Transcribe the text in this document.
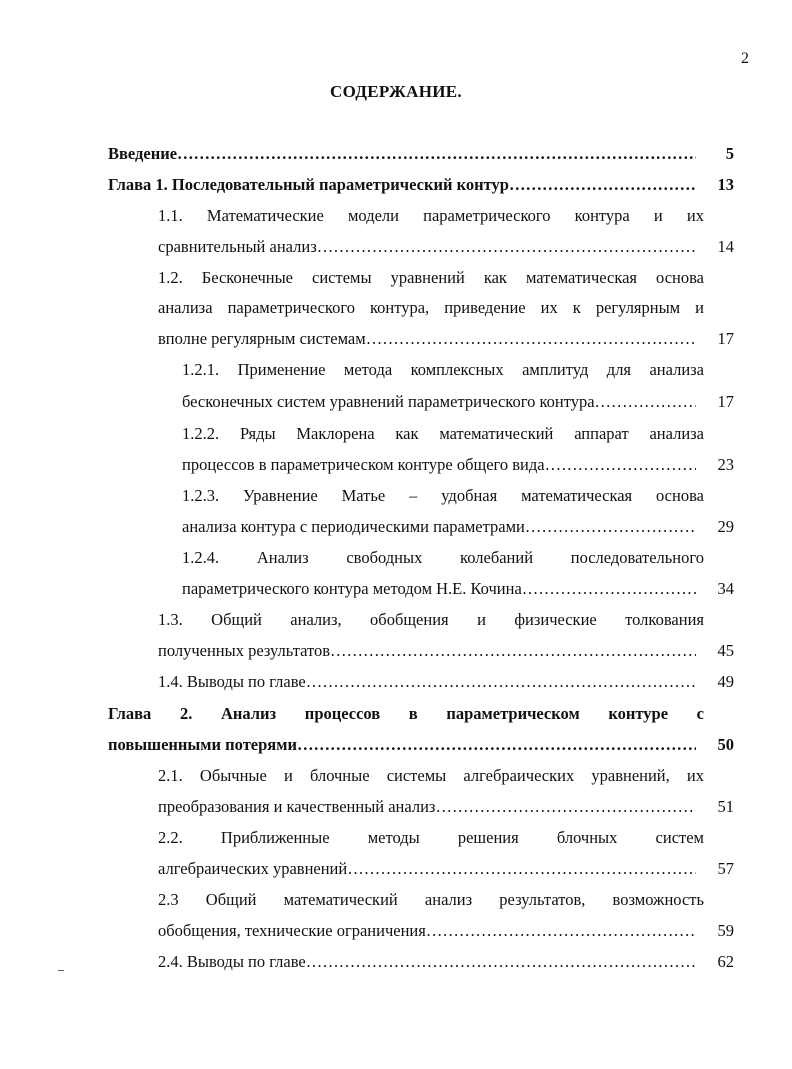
2
СОДЕРЖАНИЕ.
Введение …………………………………………………………………………………………………………………………………………………………………………	5
Глава 1. Последовательный параметрический контур …………………………………………………………………………………………………………………………………………………………………………	13
1.1. Математические модели параметрического контура и их
сравнительный анализ …………………………………………………………………………………………………………………………………………………………………………	14
1.2. Бесконечные системы уравнений как математическая основа
анализа параметрического контура, приведение их к регулярным и
вполне регулярным системам …………………………………………………………………………………………………………………………………………………………………………	17
1.2.1. Применение метода комплексных амплитуд для анализа
бесконечных систем уравнений параметрического контура …………………………………………………………………………………………………………………………………………………………………………	17
1.2.2. Ряды Маклорена как математический аппарат анализа
процессов в параметрическом контуре общего вида …………………………………………………………………………………………………………………………………………………………………………	23
1.2.3. Уравнение Матье – удобная математическая основа
анализа контура с периодическими параметрами …………………………………………………………………………………………………………………………………………………………………………	29
1.2.4. Анализ свободных колебаний последовательного
параметрического контура методом Н.Е. Кочина …………………………………………………………………………………………………………………………………………………………………………	34
1.3. Общий анализ, обобщения и физические толкования
полученных результатов …………………………………………………………………………………………………………………………………………………………………………	45
1.4. Выводы по главе …………………………………………………………………………………………………………………………………………………………………………	49
Глава 2. Анализ процессов в параметрическом контуре с
повышенными потерями …………………………………………………………………………………………………………………………………………………………………………	50
2.1. Обычные и блочные системы алгебраических уравнений, их
преобразования и качественный анализ …………………………………………………………………………………………………………………………………………………………………………	51
2.2. Приближенные методы решения блочных систем
алгебраических уравнений …………………………………………………………………………………………………………………………………………………………………………	57
2.3 Общий математический анализ результатов, возможность
обобщения, технические ограничения …………………………………………………………………………………………………………………………………………………………………………	59
2.4. Выводы по главе …………………………………………………………………………………………………………………………………………………………………………	62
